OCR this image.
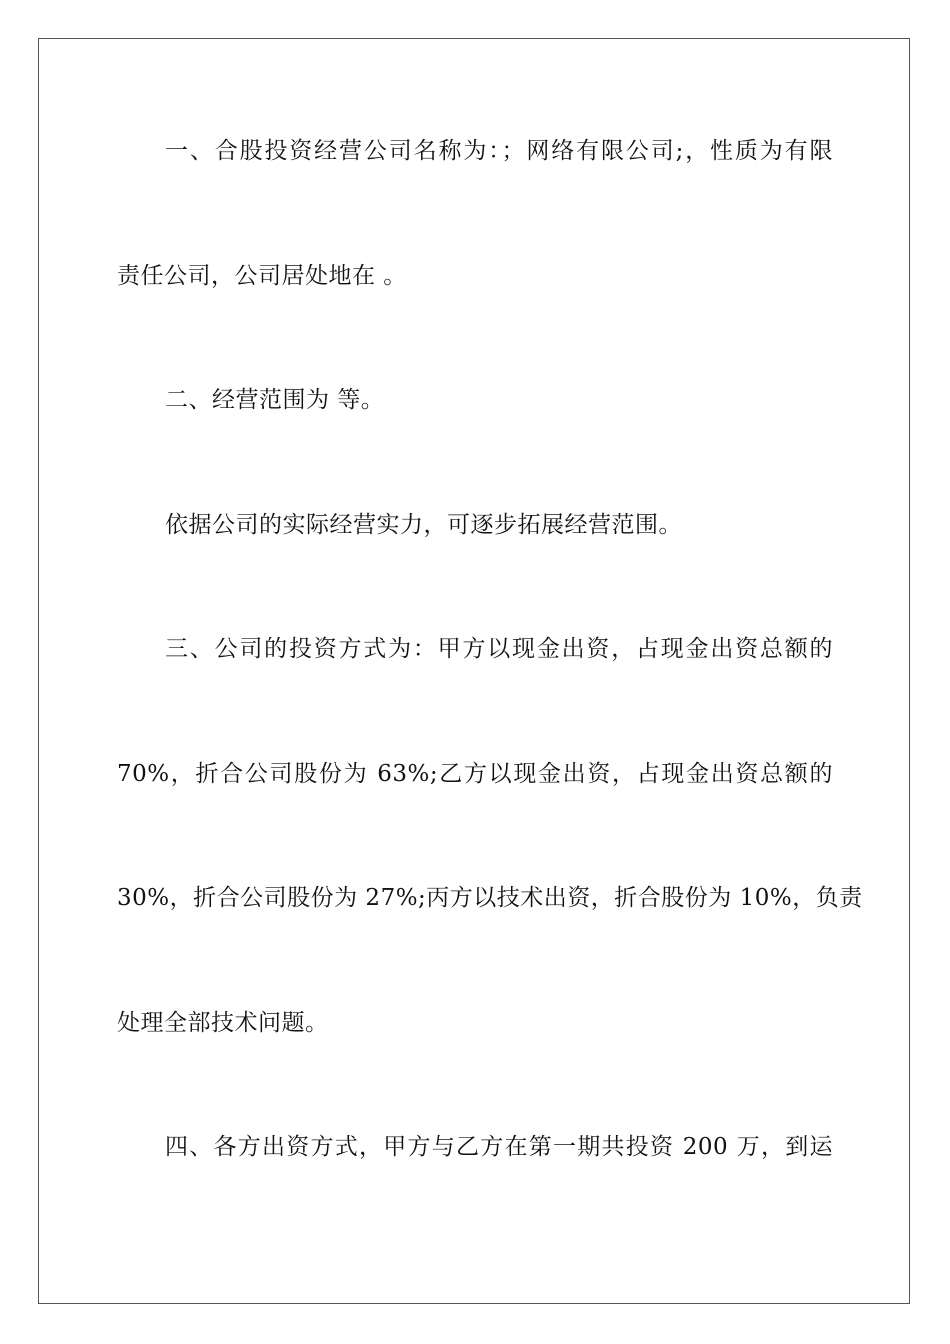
一、合股投资经营公司名称为：；网络有限公司;，性质为有限
责任公司，公司居处地在 。
二、经营范围为 等。
依据公司的实际经营实力，可逐步拓展经营范围。
三、公司的投资方式为：甲方以现金出资，占现金出资总额的
70%，折合公司股份为 63%;乙方以现金出资，占现金出资总额的
30%，折合公司股份为 27%;丙方以技术出资，折合股份为 10%，负责
处理全部技术问题。
四、各方出资方式，甲方与乙方在第一期共投资 200 万，到运
